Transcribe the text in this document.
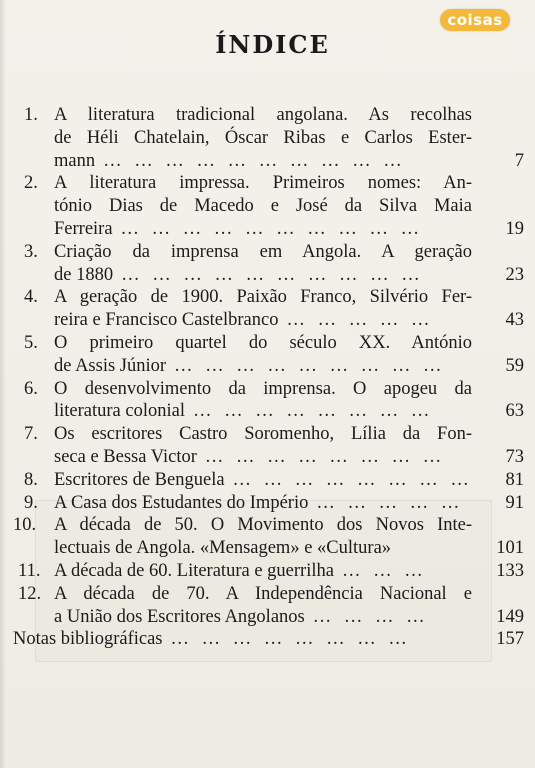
coisas
ÍNDICE
1. A literatura tradicional angolana. As recolhas
de Héli Chatelain, Óscar Ribas e Carlos Ester-
mann … … … … … … … … … …	7
2. A literatura impressa. Primeiros nomes: An-
tónio Dias de Macedo e José da Silva Maia
Ferreira … … … … … … … … … …	19
3. Criação da imprensa em Angola. A geração
de 1880 … … … … … … … … … …	23
4. A geração de 1900. Paixão Franco, Silvério Fer-
reira e Francisco Castelbranco … … … … …	43
5. O primeiro quartel do século XX. António
de Assis Júnior … … … … … … … … …	59
6. O desenvolvimento da imprensa. O apogeu da
literatura colonial … … … … … … … …	63
7. Os escritores Castro Soromenho, Lília da Fon-
seca e Bessa Victor … … … … … … … …	73
8. Escritores de Benguela … … … … … … … …	81
9. A Casa dos Estudantes do Império … … … … …	91
10. A década de 50. O Movimento dos Novos Inte-
lectuais de Angola. «Mensagem» e «Cultura»	101
11. A década de 60. Literatura e guerrilha … … …	133
12. A década de 70. A Independência Nacional e
a União dos Escritores Angolanos … … … …	149
Notas bibliográficas … … … … … … … …	157
